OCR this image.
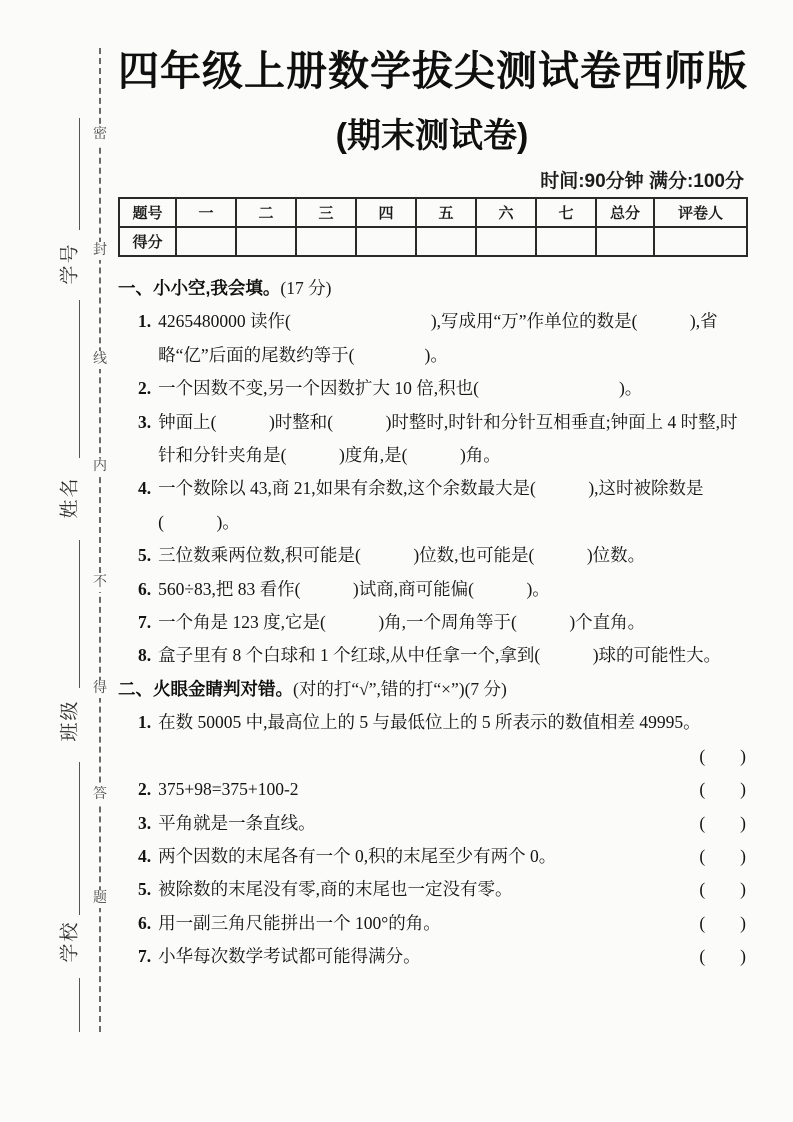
密
封
线
内
不
得
答
题
学号
姓名
班级
学校
四年级上册数学拔尖测试卷西师版
(期末测试卷)
时间:90分钟 满分:100分
题号	一	二	三	四	五	六	七	总分	评卷人
得分									
一、小小空,我会填。(17 分)
1. 4265480000 读作(　　　　　　　　),写成用“万”作单位的数是(　　　),省略“亿”后面的尾数约等于(　　　　)。
2. 一个因数不变,另一个因数扩大 10 倍,积也(　　　　　　　　)。
3. 钟面上(　　　)时整和(　　　)时整时,时针和分针互相垂直;钟面上 4 时整,时针和分针夹角是(　　　)度角,是(　　　)角。
4. 一个数除以 43,商 21,如果有余数,这个余数最大是(　　　),这时被除数是(　　　)。
5. 三位数乘两位数,积可能是(　　　)位数,也可能是(　　　)位数。
6. 560÷83,把 83 看作(　　　)试商,商可能偏(　　　)。
7. 一个角是 123 度,它是(　　　)角,一个周角等于(　　　)个直角。
8. 盒子里有 8 个白球和 1 个红球,从中任拿一个,拿到(　　　)球的可能性大。
二、火眼金睛判对错。(对的打“√”,错的打“×”)(7 分)
1. 在数 50005 中,最高位上的 5 与最低位上的 5 所表示的数值相差 49995。
(　　)
2. 375+98=375+100-2	(　　)
3. 平角就是一条直线。	(　　)
4. 两个因数的末尾各有一个 0,积的末尾至少有两个 0。	(　　)
5. 被除数的末尾没有零,商的末尾也一定没有零。	(　　)
6. 用一副三角尺能拼出一个 100°的角。	(　　)
7. 小华每次数学考试都可能得满分。	(　　)
